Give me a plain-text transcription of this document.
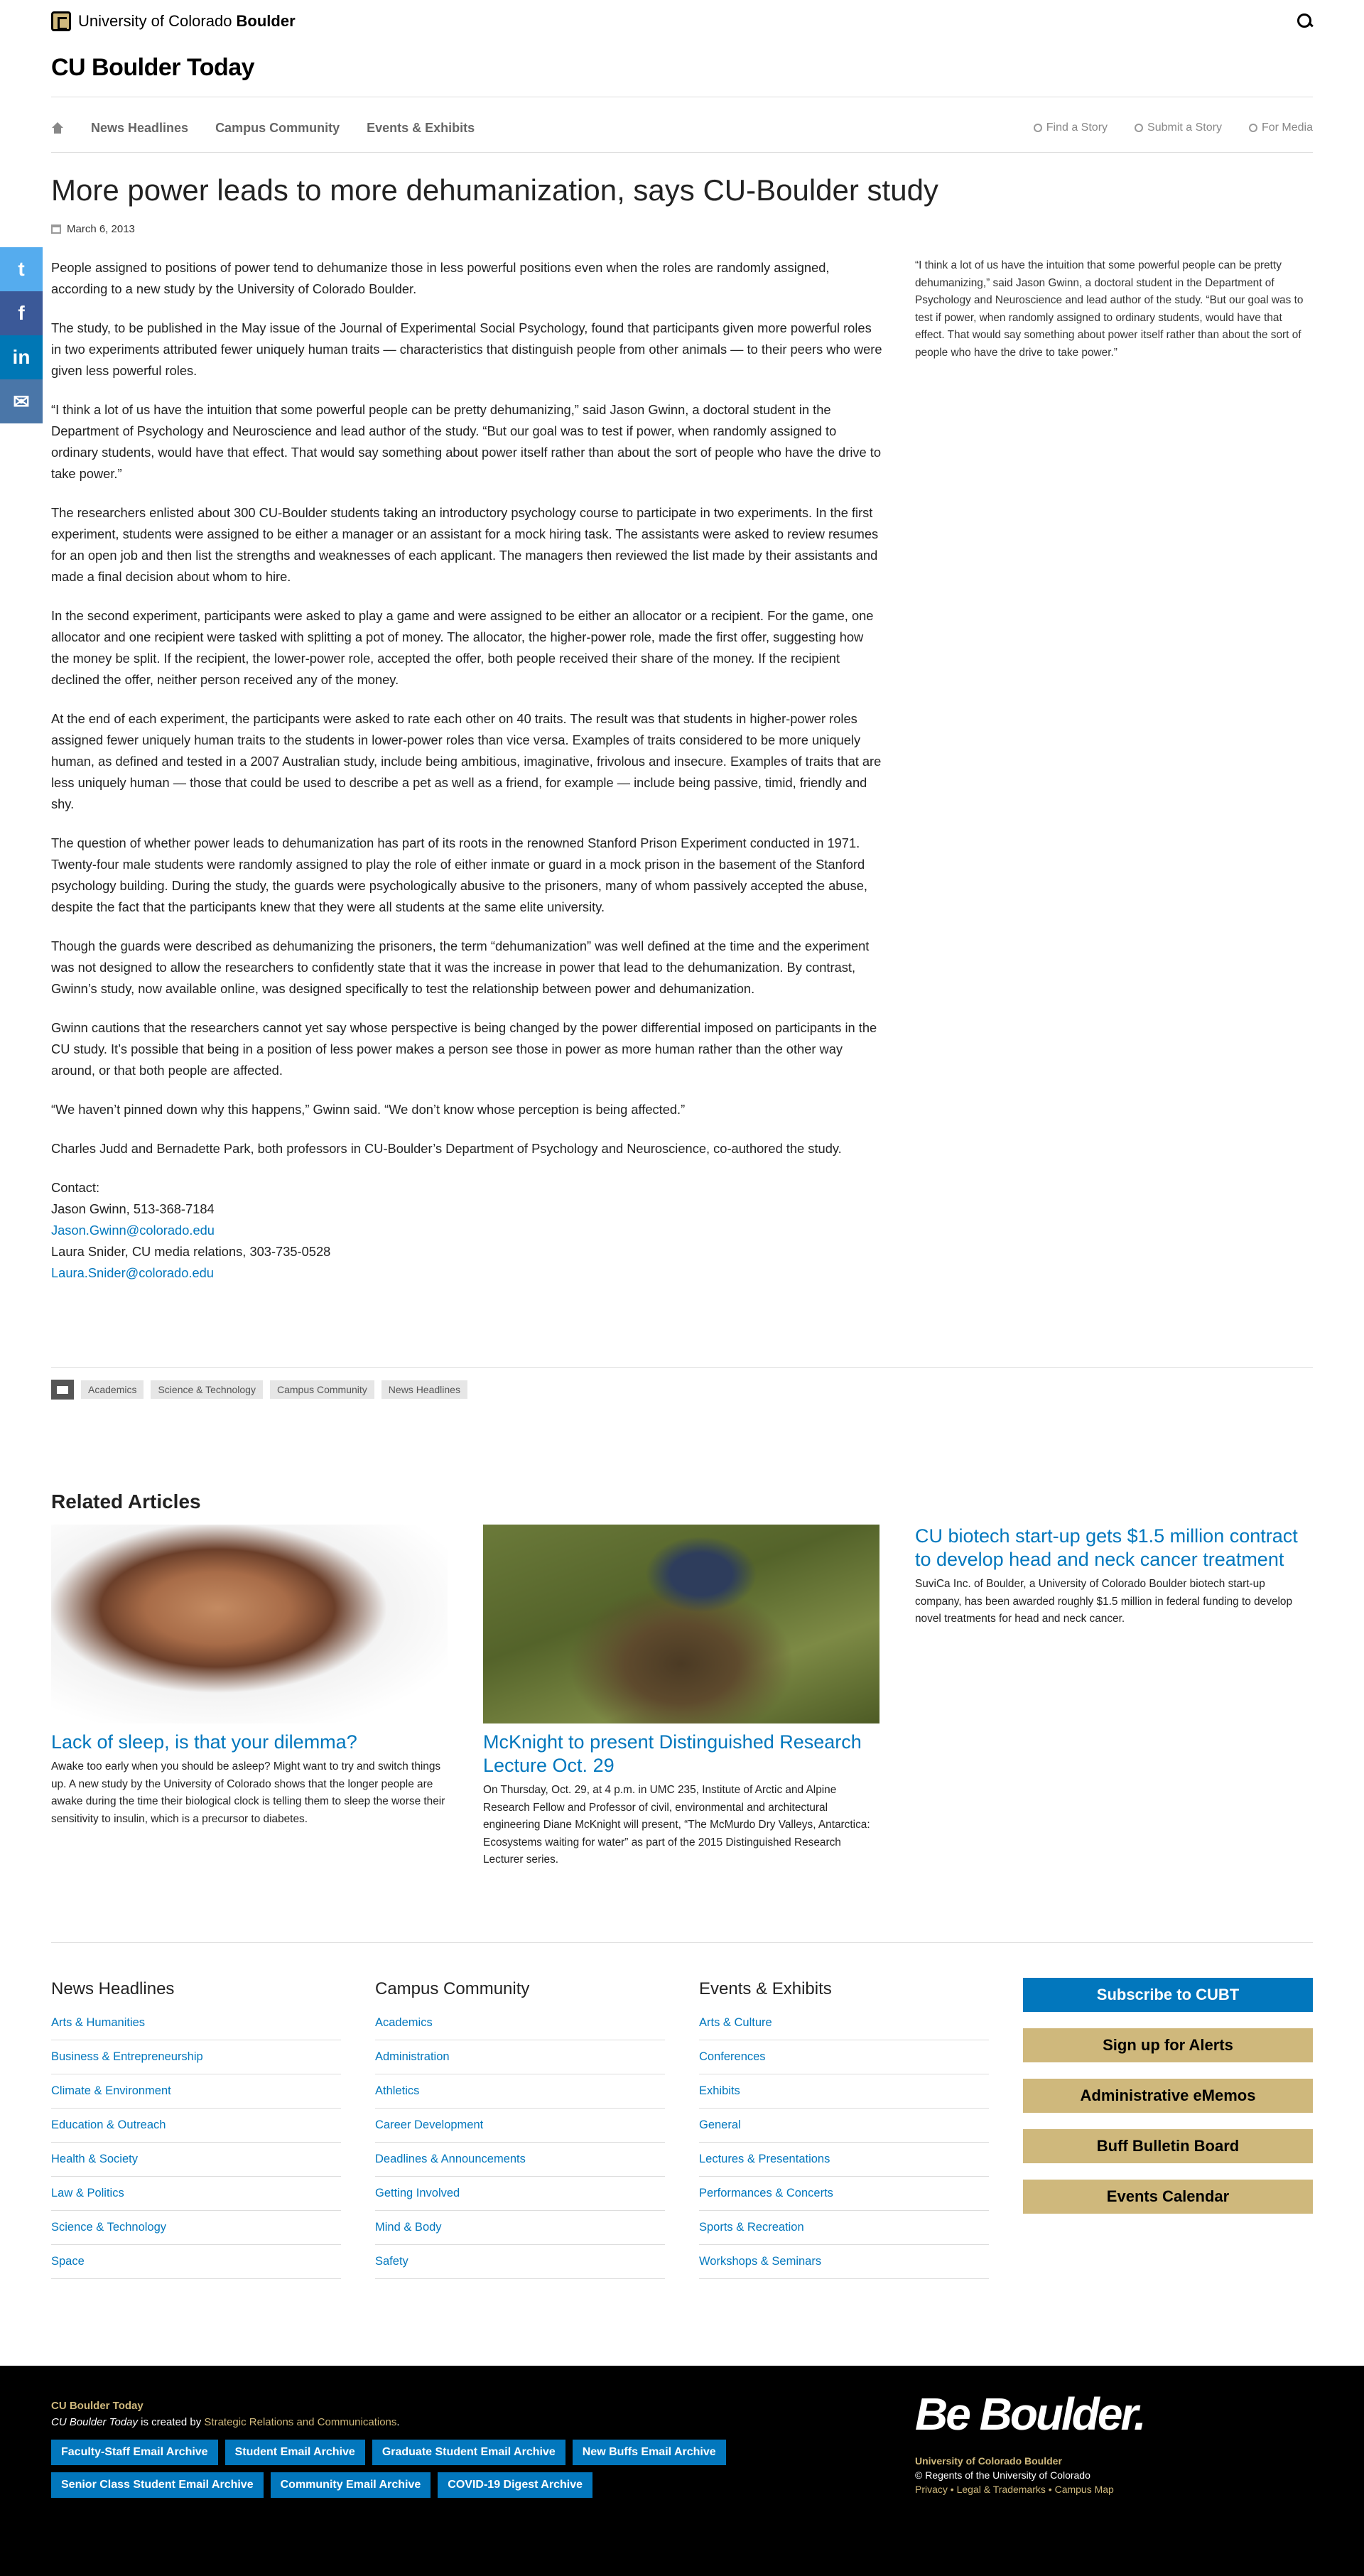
University of Colorado Boulder
CU Boulder Today
News Headlines Campus Community Events & Exhibits	Find a Story	Submit a Story	For Media
More power leads to more dehumanization, says CU-Boulder study
March 6, 2013
t
f
in
✉

People assigned to positions of power tend to dehumanize those in less powerful positions even when the roles are randomly assigned, according to a new study by the University of Colorado Boulder.

The study, to be published in the May issue of the Journal of Experimental Social Psychology, found that participants given more powerful roles in two experiments attributed fewer uniquely human traits — characteristics that distinguish people from other animals — to their peers who were given less powerful roles.

“I think a lot of us have the intuition that some powerful people can be pretty dehumanizing,” said Jason Gwinn, a doctoral student in the Department of Psychology and Neuroscience and lead author of the study. “But our goal was to test if power, when randomly assigned to ordinary students, would have that effect. That would say something about power itself rather than about the sort of people who have the drive to take power.”

The researchers enlisted about 300 CU-Boulder students taking an introductory psychology course to participate in two experiments. In the first experiment, students were assigned to be either a manager or an assistant for a mock hiring task. The assistants were asked to review resumes for an open job and then list the strengths and weaknesses of each applicant. The managers then reviewed the list made by their assistants and made a final decision about whom to hire.

In the second experiment, participants were asked to play a game and were assigned to be either an allocator or a recipient. For the game, one allocator and one recipient were tasked with splitting a pot of money. The allocator, the higher-power role, made the first offer, suggesting how the money be split. If the recipient, the lower-power role, accepted the offer, both people received their share of the money. If the recipient declined the offer, neither person received any of the money.

At the end of each experiment, the participants were asked to rate each other on 40 traits. The result was that students in higher-power roles assigned fewer uniquely human traits to the students in lower-power roles than vice versa. Examples of traits considered to be more uniquely human, as defined and tested in a 2007 Australian study, include being ambitious, imaginative, frivolous and insecure. Examples of traits that are less uniquely human — those that could be used to describe a pet as well as a friend, for example — include being passive, timid, friendly and shy.

The question of whether power leads to dehumanization has part of its roots in the renowned Stanford Prison Experiment conducted in 1971. Twenty-four male students were randomly assigned to play the role of either inmate or guard in a mock prison in the basement of the Stanford psychology building. During the study, the guards were psychologically abusive to the prisoners, many of whom passively accepted the abuse, despite the fact that the participants knew that they were all students at the same elite university.

Though the guards were described as dehumanizing the prisoners, the term “dehumanization” was well defined at the time and the experiment was not designed to allow the researchers to confidently state that it was the increase in power that lead to the dehumanization. By contrast, Gwinn’s study, now available online, was designed specifically to test the relationship between power and dehumanization.

Gwinn cautions that the researchers cannot yet say whose perspective is being changed by the power differential imposed on participants in the CU study. It’s possible that being in a position of less power makes a person see those in power as more human rather than the other way around, or that both people are affected.

“We haven’t pinned down why this happens,” Gwinn said. “We don’t know whose perception is being affected.”

Charles Judd and Bernadette Park, both professors in CU-Boulder’s Department of Psychology and Neuroscience, co-authored the study.

Contact:

Jason Gwinn, 513-368-7184

Jason.Gwinn@colorado.edu

Laura Snider, CU media relations, 303-735-0528

Laura.Snider@colorado.edu

“I think a lot of us have the intuition that some powerful people can be pretty dehumanizing,” said Jason Gwinn, a doctoral student in the Department of Psychology and Neuroscience and lead author of the study. “But our goal was to test if power, when randomly assigned to ordinary students, would have that effect. That would say something about power itself rather than about the sort of people who have the drive to take power.”
Academics	Science & Technology	Campus Community	News Headlines
Related Articles
Lack of sleep, is that your dilemma?
Awake too early when you should be asleep? Might want to try and switch things up. A new study by the University of Colorado shows that the longer people are awake during the time their biological clock is telling them to sleep the worse their sensitivity to insulin, which is a precursor to diabetes.
McKnight to present Distinguished Research Lecture Oct. 29
On Thursday, Oct. 29, at 4 p.m. in UMC 235, Institute of Arctic and Alpine Research Fellow and Professor of civil, environmental and architectural engineering Diane McKnight will present, “The McMurdo Dry Valleys, Antarctica: Ecosystems waiting for water” as part of the 2015 Distinguished Research Lecturer series.
CU biotech start-up gets $1.5 million contract to develop head and neck cancer treatment
SuviCa Inc. of Boulder, a University of Colorado Boulder biotech start-up company, has been awarded roughly $1.5 million in federal funding to develop novel treatments for head and neck cancer.
News Headlines
Arts & Humanities
Business & Entrepreneurship
Climate & Environment
Education & Outreach
Health & Society
Law & Politics
Science & Technology
Space
Campus Community
Academics
Administration
Athletics
Career Development
Deadlines & Announcements
Getting Involved
Mind & Body
Safety
Events & Exhibits
Arts & Culture
Conferences
Exhibits
General
Lectures & Presentations
Performances & Concerts
Sports & Recreation
Workshops & Seminars
Subscribe to CUBT
Sign up for Alerts
Administrative eMemos
Buff Bulletin Board
Events Calendar
CU Boulder Today
CU Boulder Today is created by Strategic Relations and Communications.
Faculty-Staff Email Archive	Student Email Archive	Graduate Student Email Archive	New Buffs Email Archive
Senior Class Student Email Archive	Community Email Archive	COVID-19 Digest Archive
Be Boulder.
University of Colorado Boulder
© Regents of the University of Colorado
Privacy • Legal & Trademarks • Campus Map
